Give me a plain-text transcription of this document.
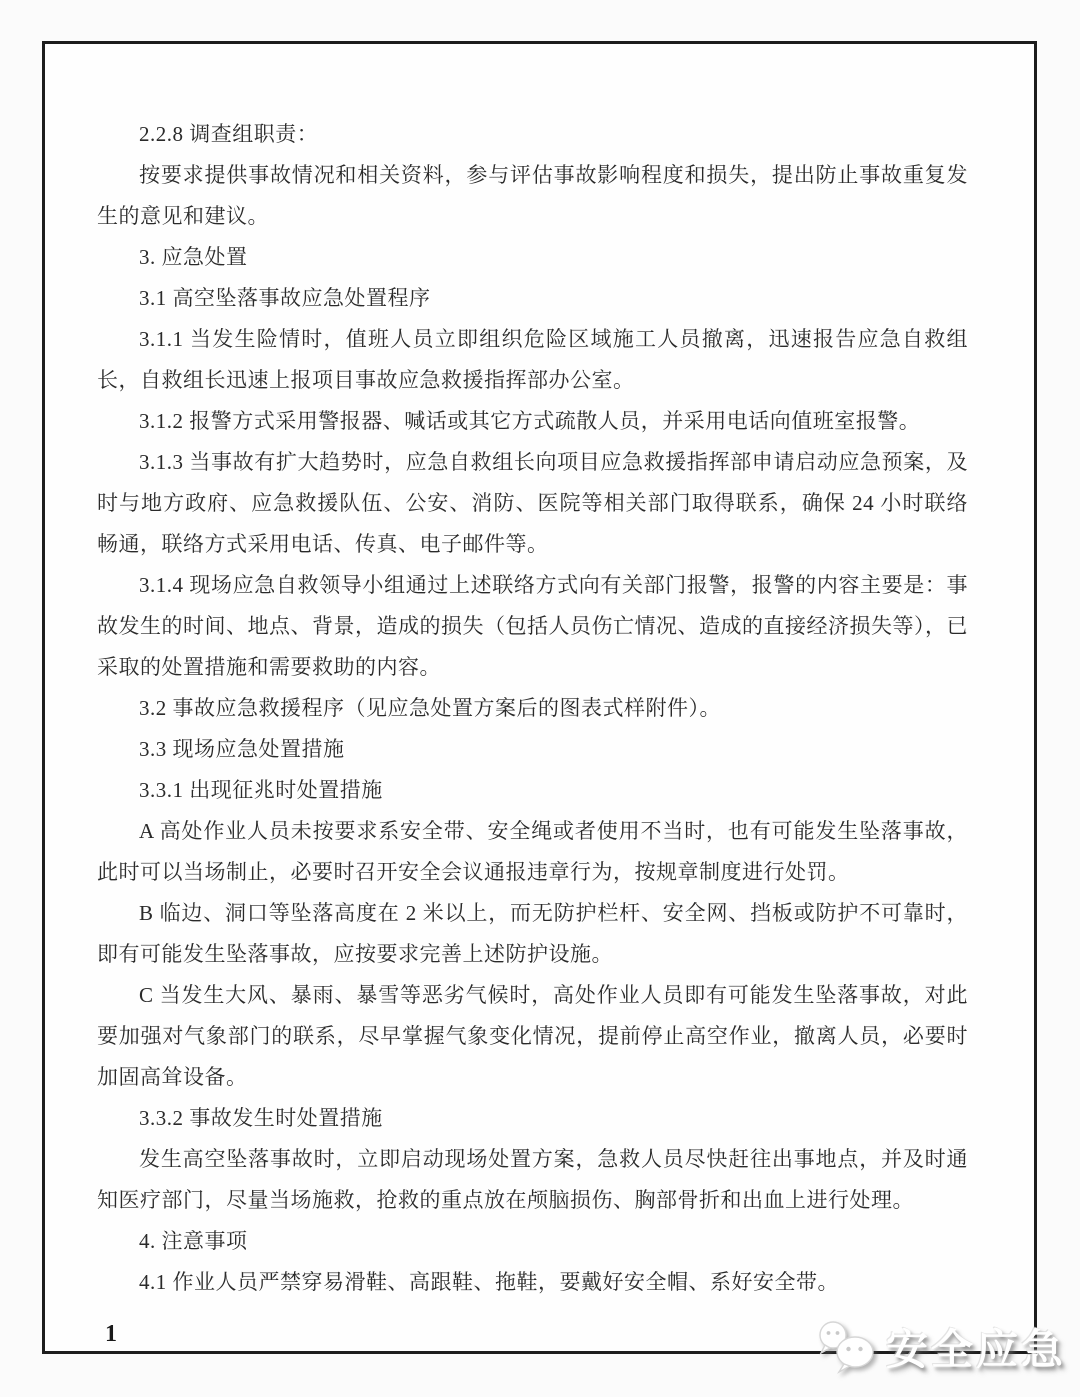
2.2.8 调查组职责：

按要求提供事故情况和相关资料，参与评估事故影响程度和损失，提出防止事故重复发生的意见和建议。

3. 应急处置

3.1 高空坠落事故应急处置程序

3.1.1 当发生险情时，值班人员立即组织危险区域施工人员撤离，迅速报告应急自救组长，自救组长迅速上报项目事故应急救援指挥部办公室。

3.1.2 报警方式采用警报器、喊话或其它方式疏散人员，并采用电话向值班室报警。

3.1.3 当事故有扩大趋势时，应急自救组长向项目应急救援指挥部申请启动应急预案，及时与地方政府、应急救援队伍、公安、消防、医院等相关部门取得联系，确保 24 小时联络畅通，联络方式采用电话、传真、电子邮件等。

3.1.4 现场应急自救领导小组通过上述联络方式向有关部门报警，报警的内容主要是：事故发生的时间、地点、背景，造成的损失（包括人员伤亡情况、造成的直接经济损失等），已采取的处置措施和需要救助的内容。

3.2 事故应急救援程序（见应急处置方案后的图表式样附件）。

3.3 现场应急处置措施

3.3.1 出现征兆时处置措施

A 高处作业人员未按要求系安全带、安全绳或者使用不当时，也有可能发生坠落事故，此时可以当场制止，必要时召开安全会议通报违章行为，按规章制度进行处罚。

B 临边、洞口等坠落高度在 2 米以上，而无防护栏杆、安全网、挡板或防护不可靠时，即有可能发生坠落事故，应按要求完善上述防护设施。

C 当发生大风、暴雨、暴雪等恶劣气候时，高处作业人员即有可能发生坠落事故，对此要加强对气象部门的联系，尽早掌握气象变化情况，提前停止高空作业，撤离人员，必要时加固高耸设备。

3.3.2 事故发生时处置措施

发生高空坠落事故时，立即启动现场处置方案，急救人员尽快赶往出事地点，并及时通知医疗部门，尽量当场施救，抢救的重点放在颅脑损伤、胸部骨折和出血上进行处理。

4. 注意事项

4.1 作业人员严禁穿易滑鞋、高跟鞋、拖鞋，要戴好安全帽、系好安全带。

1	安全应急
